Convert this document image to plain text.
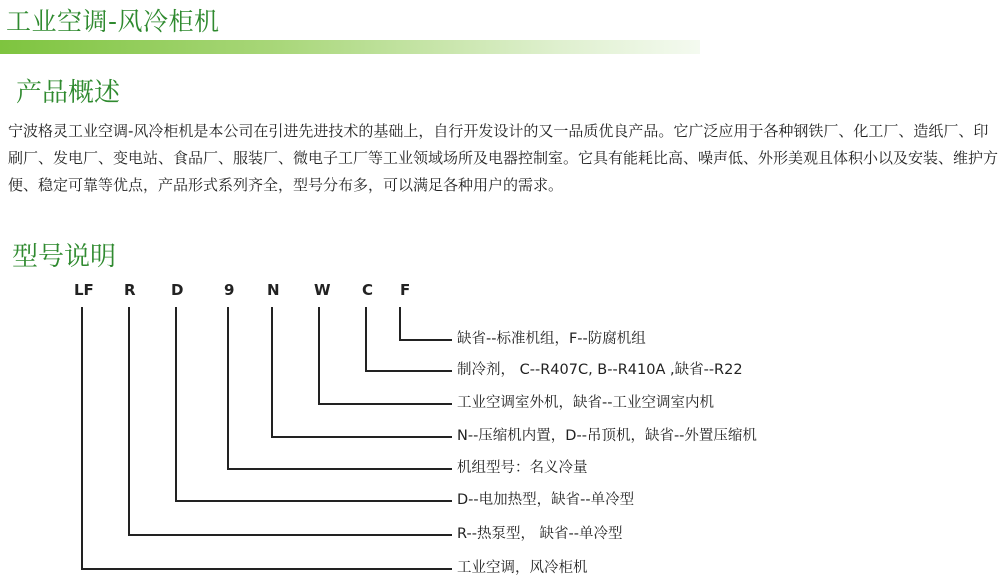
工业空调-风冷柜机
产品概述

宁波格灵工业空调-风冷柜机是本公司在引进先进技术的基础上，自行开发设计的又一品质优良产品。它广泛应用于各种钢铁厂、化工厂、造纸厂、印刷厂、发电厂、变电站、食品厂、服装厂、微电子工厂等工业领域场所及电器控制室。它具有能耗比高、噪声低、外形美观且体积小以及安装、维护方便、稳定可靠等优点，产品形式系列齐全，型号分布多，可以满足各种用户的需求。

型号说明
LF R D	9 N W C F
缺省--标准机组，F--防腐机组
制冷剂， C--R407C, B--R410A ,缺省--R22
工业空调室外机，缺省--工业空调室内机
N--压缩机内置，D--吊顶机，缺省--外置压缩机
机组型号：名义冷量
D--电加热型，缺省--单冷型
R--热泵型， 缺省--单冷型
工业空调，风冷柜机
